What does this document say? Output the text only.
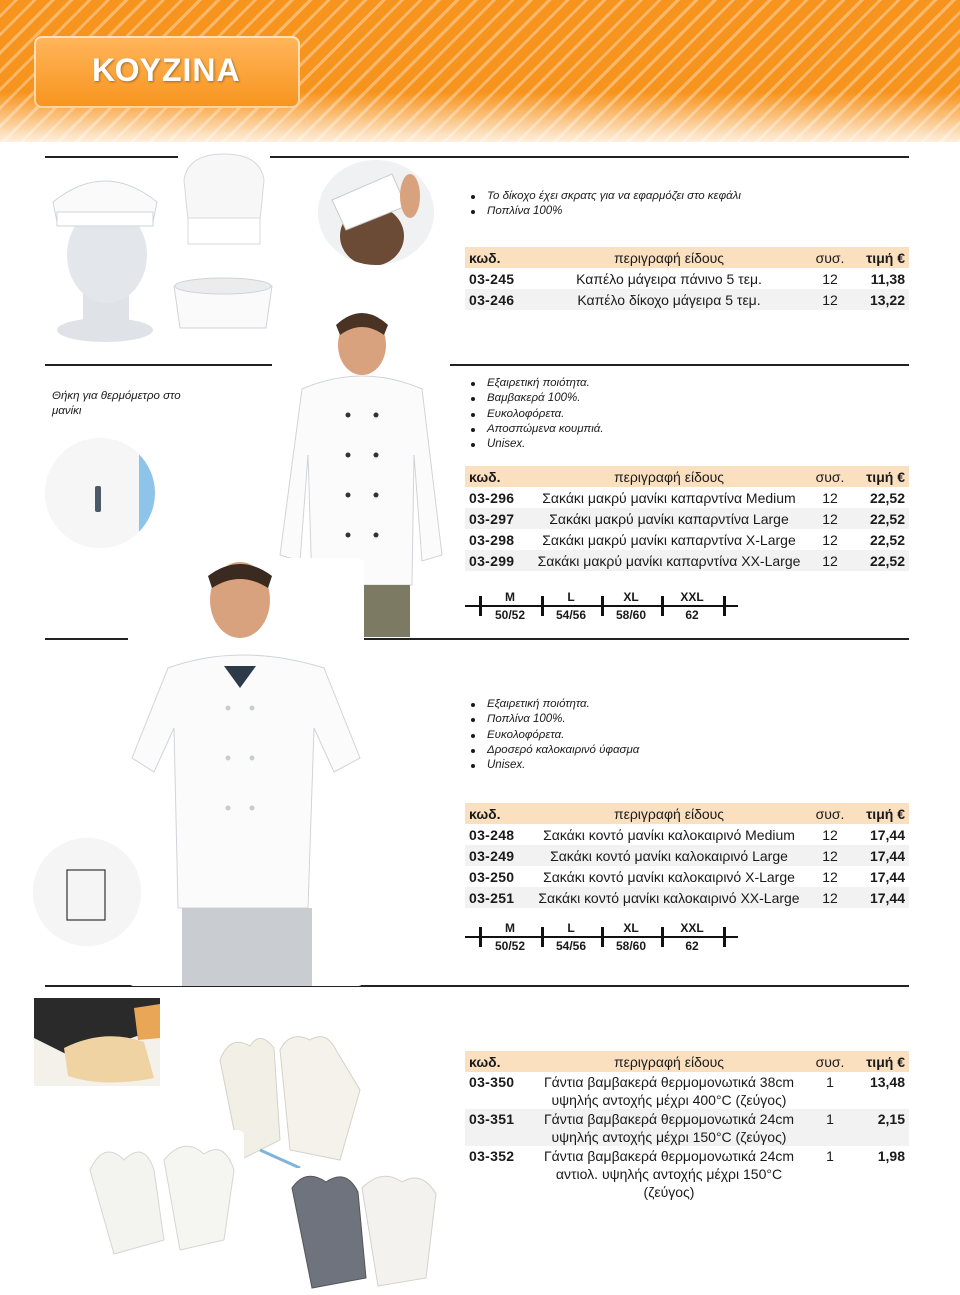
ΚΟΥΖΙΝΑ
Το δίκοχο έχει σκρατς για να εφαρμόζει στο κεφάλι
Ποπλίνα 100%
κωδ.	περιγραφή είδους	συσ.	τιμή €
03-245	Καπέλο μάγειρα πάνινο 5 τεμ.	12	11,38
03-246	Καπέλο δίκοχο μάγειρα 5 τεμ.	12	13,22
Θήκη για θερμόμετρο στο μανίκι
Εξαιρετική ποιότητα.
Βαμβακερά 100%.
Ευκολοφόρετα.
Αποσπώμενα κουμπιά.
Unisex.
κωδ.	περιγραφή είδους	συσ.	τιμή €
03-296	Σακάκι μακρύ μανίκι καπαρντίνα Medium	12	22,52
03-297	Σακάκι μακρύ μανίκι καπαρντίνα Large	12	22,52
03-298	Σακάκι μακρύ μανίκι καπαρντίνα X-Large	12	22,52
03-299	Σακάκι μακρύ μανίκι καπαρντίνα XX-Large	12	22,52
M
50/52
L
54/56
XL
58/60
XXL
62
Εξαιρετική ποιότητα.
Ποπλίνα 100%.
Ευκολοφόρετα.
Δροσερό καλοκαιρινό ύφασμα
Unisex.
κωδ.	περιγραφή είδους	συσ.	τιμή €
03-248	Σακάκι κοντό μανίκι καλοκαιρινό Medium	12	17,44
03-249	Σακάκι κοντό μανίκι καλοκαιρινό Large	12	17,44
03-250	Σακάκι κοντό μανίκι καλοκαιρινό X-Large	12	17,44
03-251	Σακάκι κοντό μανίκι καλοκαιρινό XX-Large	12	17,44
M
50/52
L
54/56
XL
58/60
XXL
62
κωδ.	περιγραφή είδους	συσ.	τιμή €
03-350	Γάντια βαμβακερά θερμομονωτικά 38cm
υψηλής αντοχής μέχρι 400°C (ζεύγος)	1	13,48
03-351	Γάντια βαμβακερά θερμομονωτικά 24cm
υψηλής αντοχής μέχρι 150°C (ζεύγος)	1	2,15
03-352	Γάντια βαμβακερά θερμομονωτικά 24cm
αντιολ. υψηλής αντοχής μέχρι 150°C (ζεύγος)	1	1,98
